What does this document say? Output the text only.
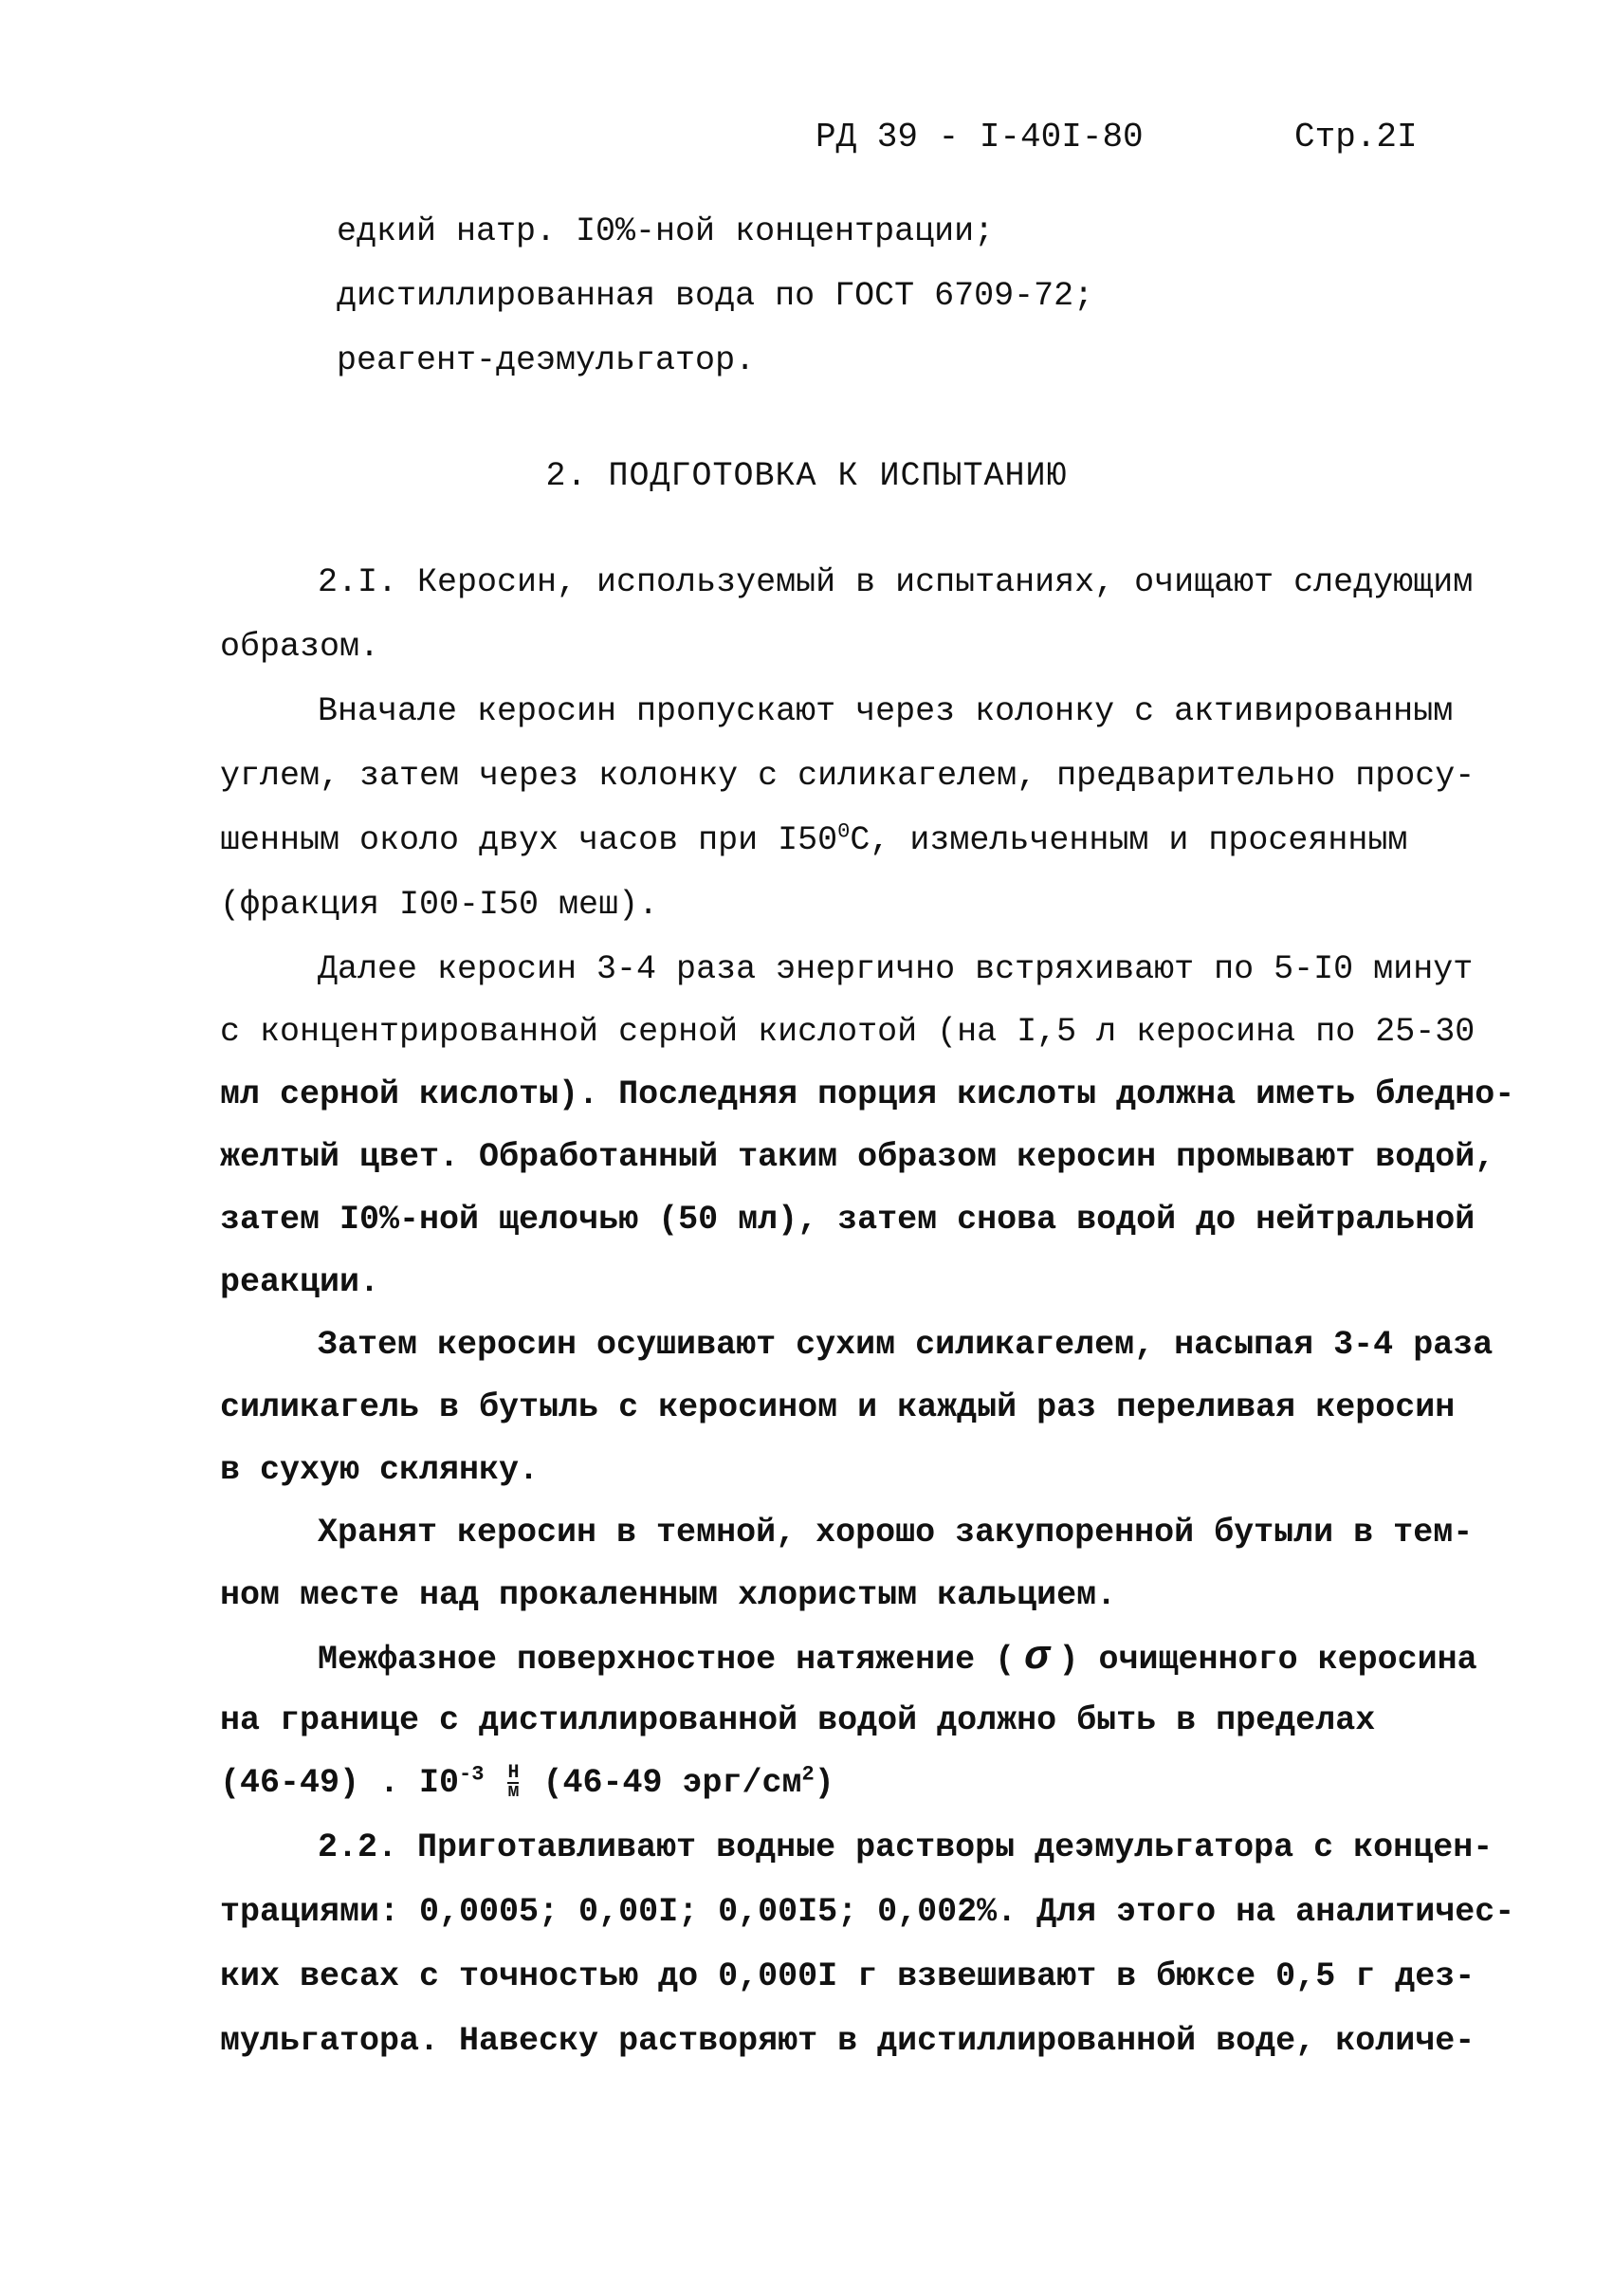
РД 39 - I-40I-80	Стр.2I
едкий натр. I0%-ной концентрации;
дистиллированная вода по ГОСТ 6709-72;
реагент-деэмульгатор.
2. ПОДГОТОВКА К ИСПЫТАНИЮ
2.I. Керосин, используемый в испытаниях, очищают следующим
образом.
Вначале керосин пропускают через колонку с активированным
углем, затем через колонку с силикагелем, предварительно просу-
шенным около двух часов при $I50^0С$, измельченным и просеянным
(фракция I00-I50 меш).
Далее керосин 3-4 раза энергично встряхивают по 5-I0 минут
с концентрированной серной кислотой (на I,5 л керосина по 25-30
мл серной кислоты). Последняя порция кислоты должна иметь бледно-
желтый цвет. Обработанный таким образом керосин промывают водой,
затем I0%-ной щелочью (50 мл), затем снова водой до нейтральной
реакции.
Затем керосин осушивают сухим силикагелем, насыпая 3-4 раза
силикагель в бутыль с керосином и каждый раз переливая керосин
в сухую склянку.
Хранят керосин в темной, хорошо закупоренной бутыли в тем-
ном месте над прокаленным хлористым кальцием.
Межфазное поверхностное натяжение ( σ ) очищенного керосина
на границе с дистиллированной водой должно быть в пределах
(46-49) . $I0^{-3} \frac{Н}{м} (46-49$ эрг/$см^2$)
2.2. Приготавливают водные растворы деэмульгатора с концен-
трациями: 0,0005; 0,00I; 0,00I5; 0,002%. Для этого на аналитичес-
ких весах с точностью до 0,000I г взвешивают в бюксе 0,5 г дез-
мульгатора. Навеску растворяют в дистиллированной воде, количе-
